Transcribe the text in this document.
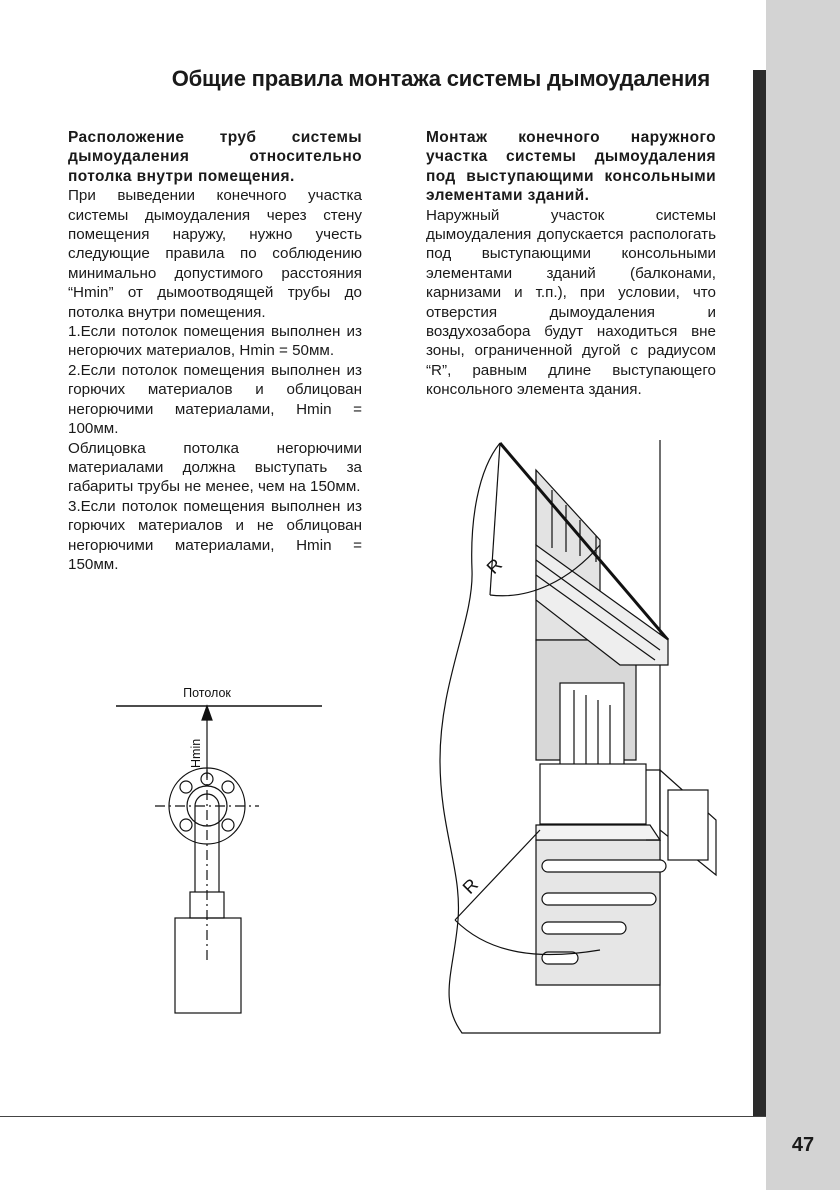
47
Общие правила монтажа системы дымоудаления

Расположение труб системы дымоудаления относительно потолка внутри помещения.

При выведении конечного участка системы дымоудаления через стену помещения наружу, нужно учесть следующие правила по соблюдению минимально допустимого расстояния “Hmin” от дымоотводящей трубы до потолка внутри помещения.

1.Если потолок помещения выполнен из негорючих материалов, Hmin = 50мм.

2.Если потолок помещения выполнен из горючих материалов и облицован негорючими материалами, Hmin = 100мм.

Облицовка потолка негорючими материалами должна выступать за габариты трубы не менее, чем на 150мм.

3.Если потолок помещения выполнен из горючих материалов и не облицован негорючими материалами, Hmin = 150мм.

Монтаж конечного наружного участка системы дымоудаления под выступающими консольными элементами зданий.

Наружный участок системы дымоудаления допускается распологать под выступающими консольными элементами зданий (балконами, карнизами и т.п.), при условии, что отверстия дымоудаления и воздухозабора будут находиться вне зоны, ограниченной дугой с радиусом “R”, равным длине выступающего консольного элемента здания.

Потолок
Hmin
R
R
